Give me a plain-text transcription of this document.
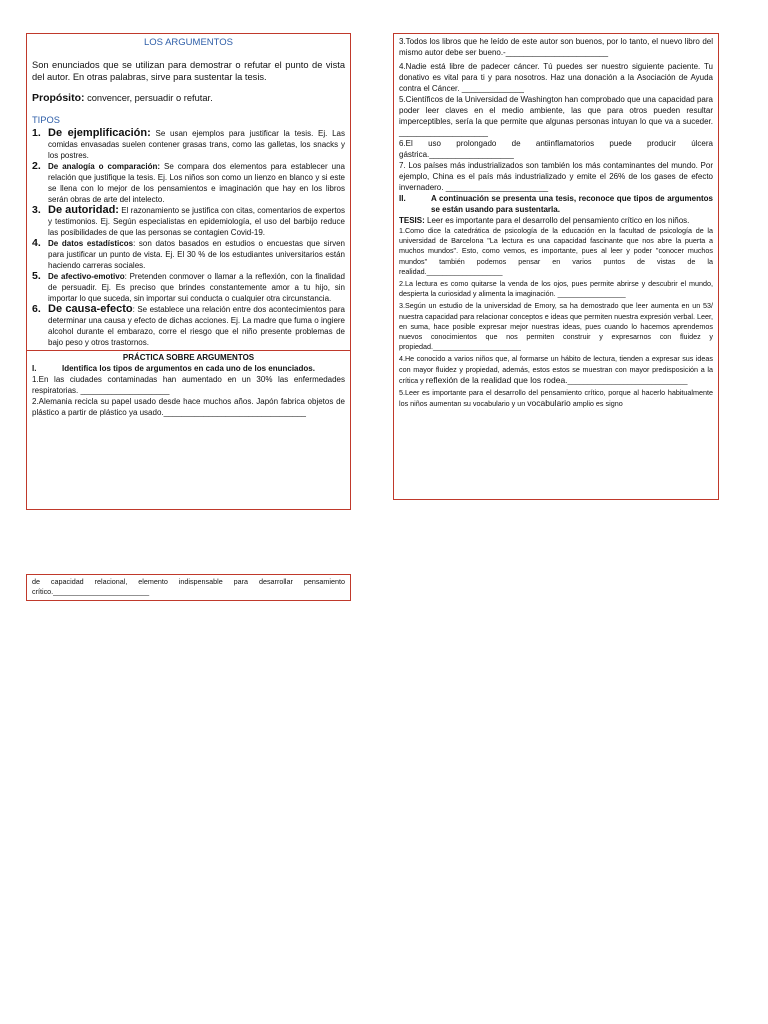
LOS ARGUMENTOS

Son enunciados que se utilizan para demostrar o refutar el punto de vista del autor. En otras palabras, sirve para sustentar la tesis.

Propósito: convencer, persuadir o refutar.

TIPOS
1. De ejemplificación: Se usan ejemplos para justificar la tesis. Ej. Las comidas envasadas suelen contener grasas trans, como las galletas, los snacks y los postres.
2. De analogía o comparación: Se compara dos elementos para establecer una relación que justifique la tesis. Ej. Los niños son como un lienzo en blanco y si este se llena con lo mejor de los pensamientos e imaginación que hay en los libros serán obras de arte del intelecto.
3. De autoridad: El razonamiento se justifica con citas, comentarios de expertos y testimonios. Ej. Según especialistas en epidemiología, el uso del barbijo reduce las posibilidades de que las personas se contagien Covid-19.
4. De datos estadísticos: son datos basados en estudios o encuestas que sirven para justificar un punto de vista. Ej. El 30 % de los estudiantes universitarios están haciendo carreras sociales.
5. De afectivo-emotivo: Pretenden conmover o llamar a la reflexión, con la finalidad de persuadir. Ej. Es preciso que brindes constantemente amor a tu hijo, sin importar lo que suceda, sin importar sui conducta o cualquier otra circunstancia.
6. De causa-efecto: Se establece una relación entre dos acontecimientos para determinar una causa y efecto de dichas acciones. Ej. La madre que fuma o ingiere alcohol durante el embarazo, corre el riesgo que el niño presente problemas de bajo peso y otros trastornos.
PRÁCTICA SOBRE ARGUMENTOS
I.	Identifica los tipos de argumentos en cada uno de los enunciados.

1.En las ciudades contaminadas han aumentado en un 30% las enfermedades respiratorias. ____________________

2.Alemania recicla su papel usado desde hace muchos años. Japón fabrica objetos de plástico a partir de plástico ya usado.________________________________

de capacidad relacional, elemento indispensable para desarrollar pensamiento crítico.________________________

3.Todos los libros que he leído de este autor son buenos, por lo tanto, el nuevo libro del mismo autor debe ser bueno.-_______________________

4.Nadie está libre de padecer cáncer. Tú puedes ser nuestro siguiente paciente. Tu donativo es vital para ti y para nosotros. Haz una donación a la Asociación de Ayuda contra el Cáncer. ______________

5.Científicos de la Universidad de Washington han comprobado que una capacidad para poder leer claves en el medio ambiente, las que para otros pueden resultar imperceptibles, sería la que permite que algunas personas intuyan lo que va a suceder. ____________________

6.El uso prolongado de antiinflamatorios puede producir úlcera gástrica.___________________

7. Los países más industrializados son también los más contaminantes del mundo. Por ejemplo, China es el país más industrializado y emite el 26% de los gases de efecto invernadero. _______________________

II.	A continuación se presenta una tesis, reconoce que tipos de argumentos se están usando para sustentarla.

TESIS: Leer es importante para el desarrollo del pensamiento crítico en los niños.

1.Como dice la catedrática de psicología de la educación en la facultad de psicología de la universidad de Barcelona "La lectura es una capacidad fascinante que nos abre la puerta a muchos mundos". Esto, como vemos, es importante, pues al leer y poder "conocer muchos mundos" también podemos pensar en varios puntos de vistas de la realidad.___________________

2.La lectura es como quitarse la venda de los ojos, pues permite abrirse y descubrir el mundo, despierta la curiosidad y alimenta la imaginación. _________________

3.Según un estudio de la universidad de Emory, sa ha demostrado que leer aumenta en un 53/ nuestra capacidad para relacionar conceptos e ideas que permiten nuestra expresión verbal. Leer, en suma, hace posible expresar mejor nuestras ideas, pues cuando lo hacemos aprendemos nuevos conocimientos que nos permiten construir y expresarnos con fluidez y propiedad.______________________

4.He conocido a varios niños que, al formarse un hábito de lectura, tienden a expresar sus ideas con mayor fluidez y propiedad, además, estos estos se muestran con mayor predisposición a la crítica y reflexión de la realidad que los rodea.______________________________

5.Leer es importante para el desarrollo del pensamiento crítico, porque al hacerlo habitualmente los niños aumentan su vocabulario y un vocabulario amplio es signo
